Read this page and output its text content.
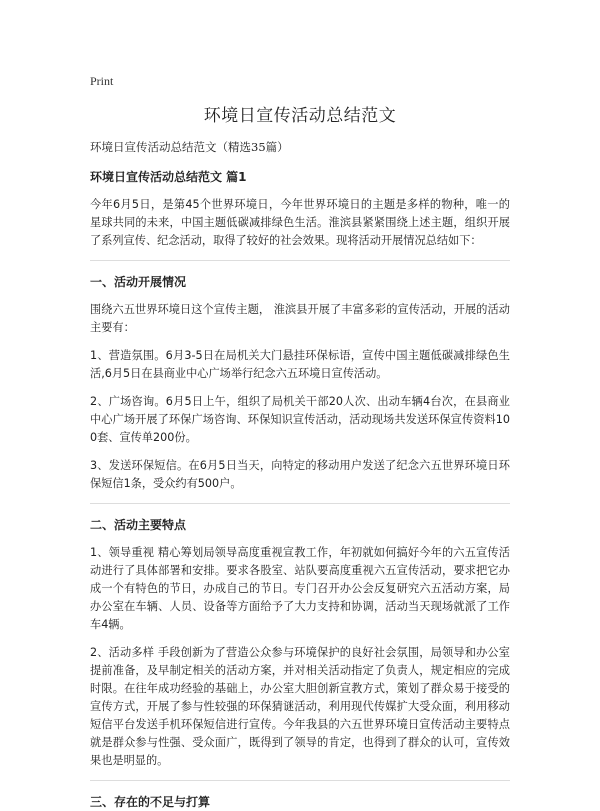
Print
环境日宣传活动总结范文
环境日宣传活动总结范文（精选35篇）
环境日宣传活动总结范文 篇1

今年6月5日，是第45个世界环境日，今年世界环境日的主题是多样的物种，唯一的星球共同的未来，中国主题低碳减排绿色生活。淮滨县紧紧围绕上述主题，组织开展了系列宣传、纪念活动，取得了较好的社会效果。现将活动开展情况总结如下：

一、活动开展情况

围绕六五世界环境日这个宣传主题， 淮滨县开展了丰富多彩的宣传活动，开展的活动主要有：

1、营造氛围。6月3-5日在局机关大门悬挂环保标语，宣传中国主题低碳减排绿色生活,6月5日在县商业中心广场举行纪念六五环境日宣传活动。

2、广场咨询。6月5日上午，组织了局机关干部20人次、出动车辆4台次，在县商业中心广场开展了环保广场咨询、环保知识宣传活动，活动现场共发送环保宣传资料100套、宣传单200份。

3、发送环保短信。在6月5日当天，向特定的移动用户发送了纪念六五世界环境日环保短信1条，受众约有500户。

二、活动主要特点

1、领导重视 精心筹划局领导高度重视宣教工作，年初就如何搞好今年的六五宣传活动进行了具体部署和安排。要求各股室、站队要高度重视六五宣传活动，要求把它办成一个有特色的节日，办成自己的节日。专门召开办公会反复研究六五活动方案，局办公室在车辆、人员、设备等方面给予了大力支持和协调，活动当天现场就派了工作车4辆。

2、活动多样 手段创新为了营造公众参与环境保护的良好社会氛围，局领导和办公室提前准备，及早制定相关的活动方案，并对相关活动指定了负责人，规定相应的完成时限。在往年成功经验的基础上，办公室大胆创新宣教方式，策划了群众易于接受的宣传方式，开展了参与性较强的环保猜谜活动，利用现代传媒扩大受众面，利用移动短信平台发送手机环保短信进行宣传。今年我县的六五世界环境日宣传活动主要特点就是群众参与性强、受众面广，既得到了领导的肯定，也得到了群众的认可，宣传效果也是明显的。

三、存在的不足与打算
